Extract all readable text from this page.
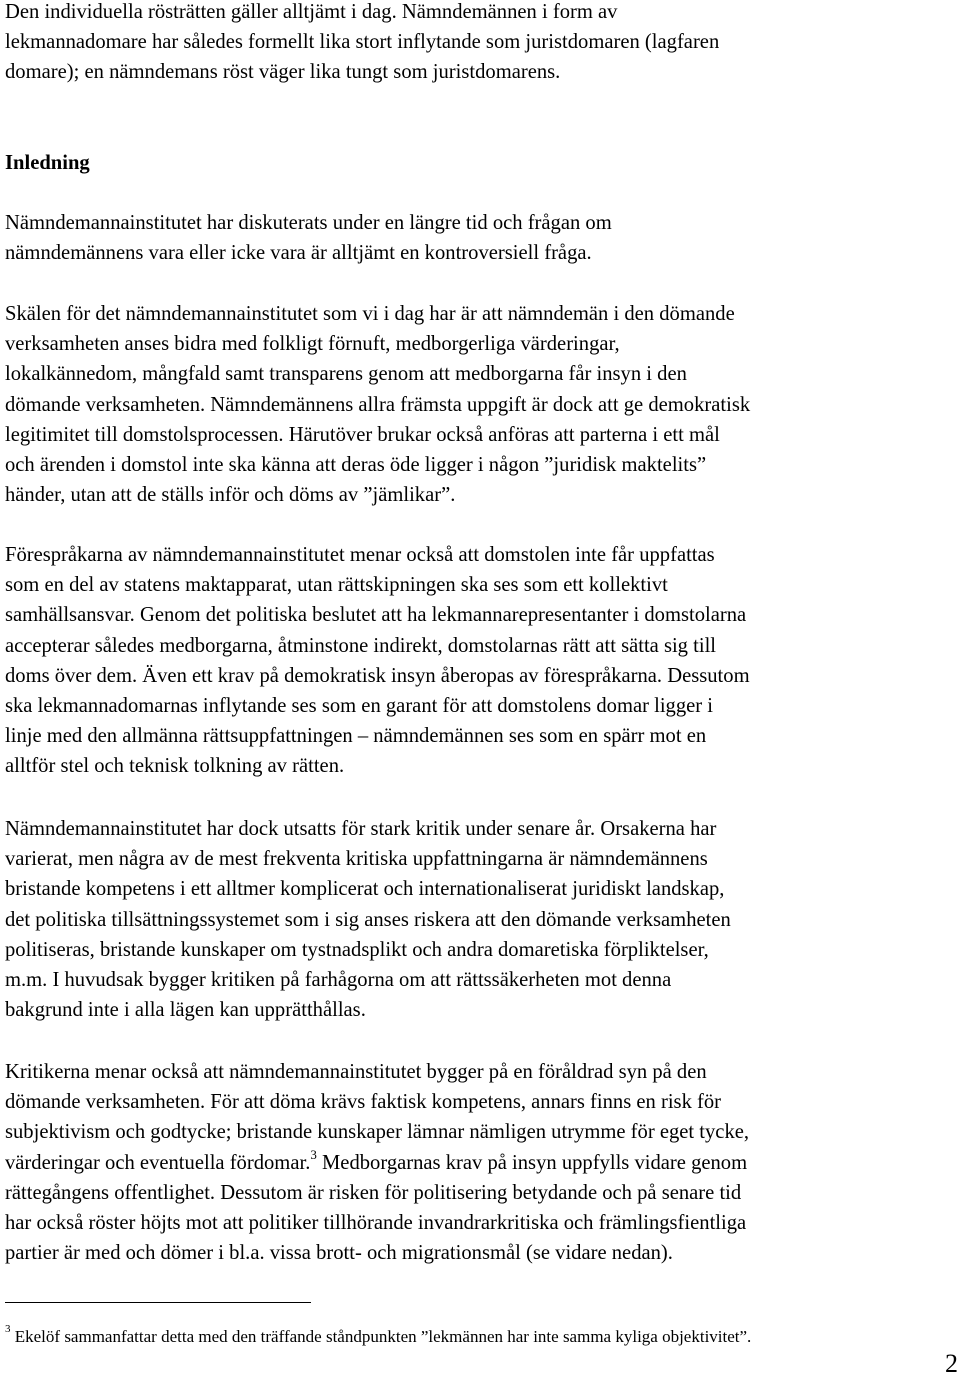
Den individuella rösträtten gäller alltjämt i dag. Nämndemännen i form av
lekmannadomare har således formellt lika stort inflytande som juristdomaren (lagfaren
domare); en nämndemans röst väger lika tungt som juristdomarens.

Inledning

Nämndemannainstitutet har diskuterats under en längre tid och frågan om
nämndemännens vara eller icke vara är alltjämt en kontroversiell fråga.

Skälen för det nämndemannainstitutet som vi i dag har är att nämndemän i den dömande
verksamheten anses bidra med folkligt förnuft, medborgerliga värderingar,
lokalkännedom, mångfald samt transparens genom att medborgarna får insyn i den
dömande verksamheten. Nämndemännens allra främsta uppgift är dock att ge demokratisk
legitimitet till domstolsprocessen. Härutöver brukar också anföras att parterna i ett mål
och ärenden i domstol inte ska känna att deras öde ligger i någon ”juridisk maktelits”
händer, utan att de ställs inför och döms av ”jämlikar”.

Förespråkarna av nämndemannainstitutet menar också att domstolen inte får uppfattas
som en del av statens maktapparat, utan rättskipningen ska ses som ett kollektivt
samhällsansvar. Genom det politiska beslutet att ha lekmannarepresentanter i domstolarna
accepterar således medborgarna, åtminstone indirekt, domstolarnas rätt att sätta sig till
doms över dem. Även ett krav på demokratisk insyn åberopas av förespråkarna. Dessutom
ska lekmannadomarnas inflytande ses som en garant för att domstolens domar ligger i
linje med den allmänna rättsuppfattningen – nämndemännen ses som en spärr mot en
alltför stel och teknisk tolkning av rätten.

Nämndemannainstitutet har dock utsatts för stark kritik under senare år. Orsakerna har
varierat, men några av de mest frekventa kritiska uppfattningarna är nämndemännens
bristande kompetens i ett alltmer komplicerat och internationaliserat juridiskt landskap,
det politiska tillsättningssystemet som i sig anses riskera att den dömande verksamheten
politiseras, bristande kunskaper om tystnadsplikt och andra domaretiska förpliktelser,
m.m. I huvudsak bygger kritiken på farhågorna om att rättssäkerheten mot denna
bakgrund inte i alla lägen kan upprätthållas.

Kritikerna menar också att nämndemannainstitutet bygger på en föråldrad syn på den
dömande verksamheten. För att döma krävs faktisk kompetens, annars finns en risk för
subjektivism och godtycke; bristande kunskaper lämnar nämligen utrymme för eget tycke,
värderingar och eventuella fördomar.$^3$ Medborgarnas krav på insyn uppfylls vidare genom
rättegångens offentlighet. Dessutom är risken för politisering betydande och på senare tid
har också röster höjts mot att politiker tillhörande invandrarkritiska och främlingsfientliga
partier är med och dömer i bl.a. vissa brott- och migrationsmål (se vidare nedan).

$^3$ Ekelöf sammanfattar detta med den träffande ståndpunkten ”lekmännen har inte samma kyliga objektivitet”.

2
